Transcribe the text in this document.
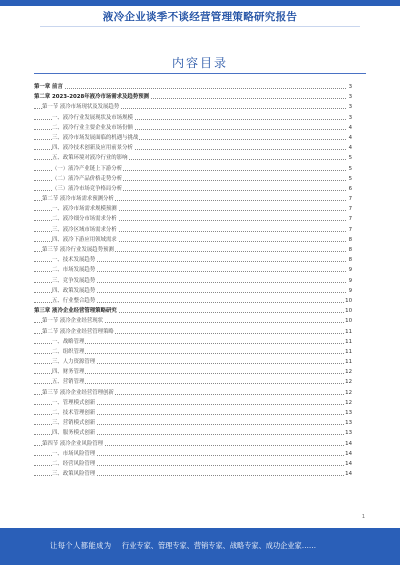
液冷企业谈季不谈经营管理策略研究报告
内容目录
第一章 前言	3
第二章 2023-2028年液冷市场需求及趋势预测	3
第一节 液冷市场现状及发展趋势	3
一、液冷行业发展现状及市场规模	3
二、液冷行业主要企业及市场份额	4
三、液冷市场发展面临的机遇与挑战	4
四、液冷技术创新及应用前景分析	4
五、政策环境对液冷行业的影响	5
（一）液冷产业链上下游分析	5
（二）液冷产品价格走势分析	5
（三）液冷市场竞争格局分析	6
第二节 液冷市场需求预测分析	7
一、液冷市场需求规模预测	7
二、液冷细分市场需求分析	7
三、液冷区域市场需求分析	7
四、液冷下游应用领域需求	8
第三节 液冷行业发展趋势预测	8
一、技术发展趋势	8
二、市场发展趋势	9
三、竞争发展趋势	9
四、政策发展趋势	9
五、行业整合趋势	10
第三章 液冷企业经营管理策略研究	10
第一节 液冷企业经营现状	10
第二节 液冷企业经营管理策略	11
一、战略管理	11
二、组织管理	11
三、人力资源管理	11
四、财务管理	12
五、营销管理	12
第三节 液冷企业经营管理创新	12
一、管理模式创新	12
二、技术管理创新	13
三、营销模式创新	13
四、服务模式创新	13
第四节 液冷企业风险管理	14
一、市场风险管理	14
二、经营风险管理	14
三、政策风险管理	14
1
让每个人都能成为 行业专家、管理专家、营销专家、战略专家、成功企业家……
